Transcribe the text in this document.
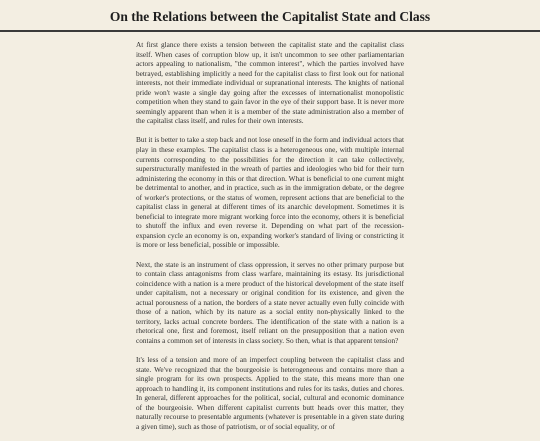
On the Relations between the Capitalist State and Class

At first glance there exists a tension between the capitalist state and the capitalist class itself. When cases of corruption blow up, it isn't uncommon to see other parliamentarian actors appealing to nationalism, "the common interest", which the parties involved have betrayed, establishing implicitly a need for the capitalist class to first look out for national interests, not their immediate individual or supranational interests. The knights of national pride won't waste a single day going after the excesses of internationalist monopolistic competition when they stand to gain favor in the eye of their support base. It is never more seemingly apparent than when it is a member of the state administration also a member of the capitalist class itself, and rules for their own interests.

But it is better to take a step back and not lose oneself in the form and individual actors that play in these examples. The capitalist class is a heterogeneous one, with multiple internal currents corresponding to the possibilities for the direction it can take collectively, superstructurally manifested in the wreath of parties and ideologies who bid for their turn administering the economy in this or that direction. What is beneficial to one current might be detrimental to another, and in practice, such as in the immigration debate, or the degree of worker's protections, or the status of women, represent actions that are beneficial to the capitalist class in general at different times of its anarchic development. Sometimes it is beneficial to integrate more migrant working force into the economy, others it is beneficial to shutoff the influx and even reverse it. Depending on what part of the recession-expansion cycle an economy is on, expanding worker's standard of living or constricting it is more or less beneficial, possible or impossible.

Next, the state is an instrument of class oppression, it serves no other primary purpose but to contain class antagonisms from class warfare, maintaining its estasy. Its jurisdictional coincidence with a nation is a mere product of the historical development of the state itself under capitalism, not a necessary or original condition for its existence, and given the actual porousness of a nation, the borders of a state never actually even fully coincide with those of a nation, which by its nature as a social entity non-physically linked to the territory, lacks actual concrete borders. The identification of the state with a nation is a rhetorical one, first and foremost, itself reliant on the presupposition that a nation even contains a common set of interests in class society. So then, what is that apparent tension?

It's less of a tension and more of an imperfect coupling between the capitalist class and state. We've recognized that the bourgeoisie is heterogeneous and contains more than a single program for its own prospects. Applied to the state, this means more than one approach to handling it, its component institutions and rules for its tasks, duties and chores. In general, different approaches for the political, social, cultural and economic dominance of the bourgeoisie. When different capitalist currents butt heads over this matter, they naturally recourse to presentable arguments (whatever is presentable in a given state during a given time), such as those of patriotism, or of social equality, or of
